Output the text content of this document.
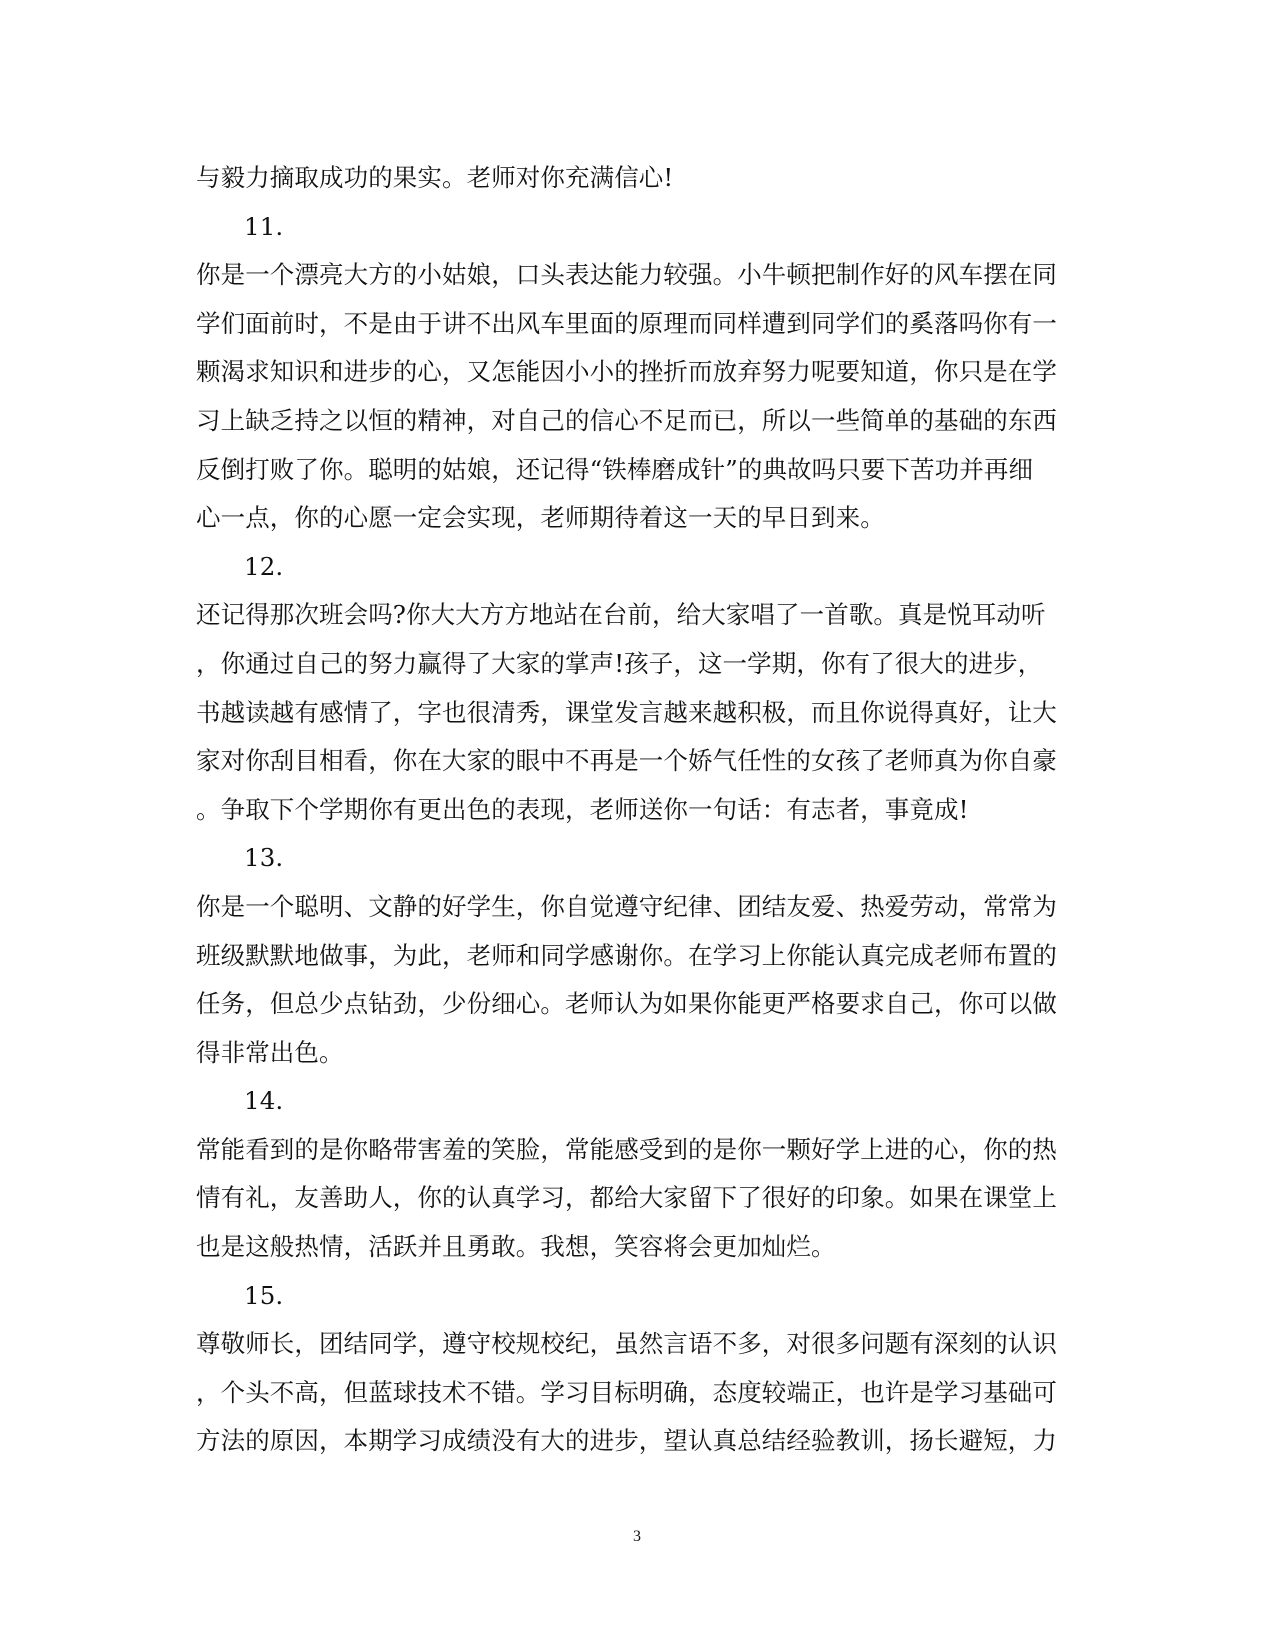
与毅力摘取成功的果实。老师对你充满信心!
11.
你是一个漂亮大方的小姑娘，口头表达能力较强。小牛顿把制作好的风车摆在同
学们面前时，不是由于讲不出风车里面的原理而同样遭到同学们的奚落吗你有一
颗渴求知识和进步的心，又怎能因小小的挫折而放弃努力呢要知道，你只是在学
习上缺乏持之以恒的精神，对自己的信心不足而已，所以一些简单的基础的东西
反倒打败了你。聪明的姑娘，还记得“铁棒磨成针”的典故吗只要下苦功并再细
心一点，你的心愿一定会实现，老师期待着这一天的早日到来。
12.
还记得那次班会吗?你大大方方地站在台前，给大家唱了一首歌。真是悦耳动听
，你通过自己的努力赢得了大家的掌声!孩子，这一学期，你有了很大的进步，
书越读越有感情了，字也很清秀，课堂发言越来越积极，而且你说得真好，让大
家对你刮目相看，你在大家的眼中不再是一个娇气任性的女孩了老师真为你自豪
。争取下个学期你有更出色的表现，老师送你一句话：有志者，事竟成!
13.
你是一个聪明、文静的好学生，你自觉遵守纪律、团结友爱、热爱劳动，常常为
班级默默地做事，为此，老师和同学感谢你。在学习上你能认真完成老师布置的
任务，但总少点钻劲，少份细心。老师认为如果你能更严格要求自己，你可以做
得非常出色。
14.
常能看到的是你略带害羞的笑脸，常能感受到的是你一颗好学上进的心，你的热
情有礼，友善助人，你的认真学习，都给大家留下了很好的印象。如果在课堂上
也是这般热情，活跃并且勇敢。我想，笑容将会更加灿烂。
15.
尊敬师长，团结同学，遵守校规校纪，虽然言语不多，对很多问题有深刻的认识
，个头不高，但蓝球技术不错。学习目标明确，态度较端正，也许是学习基础可
方法的原因，本期学习成绩没有大的进步，望认真总结经验教训，扬长避短，力
3
